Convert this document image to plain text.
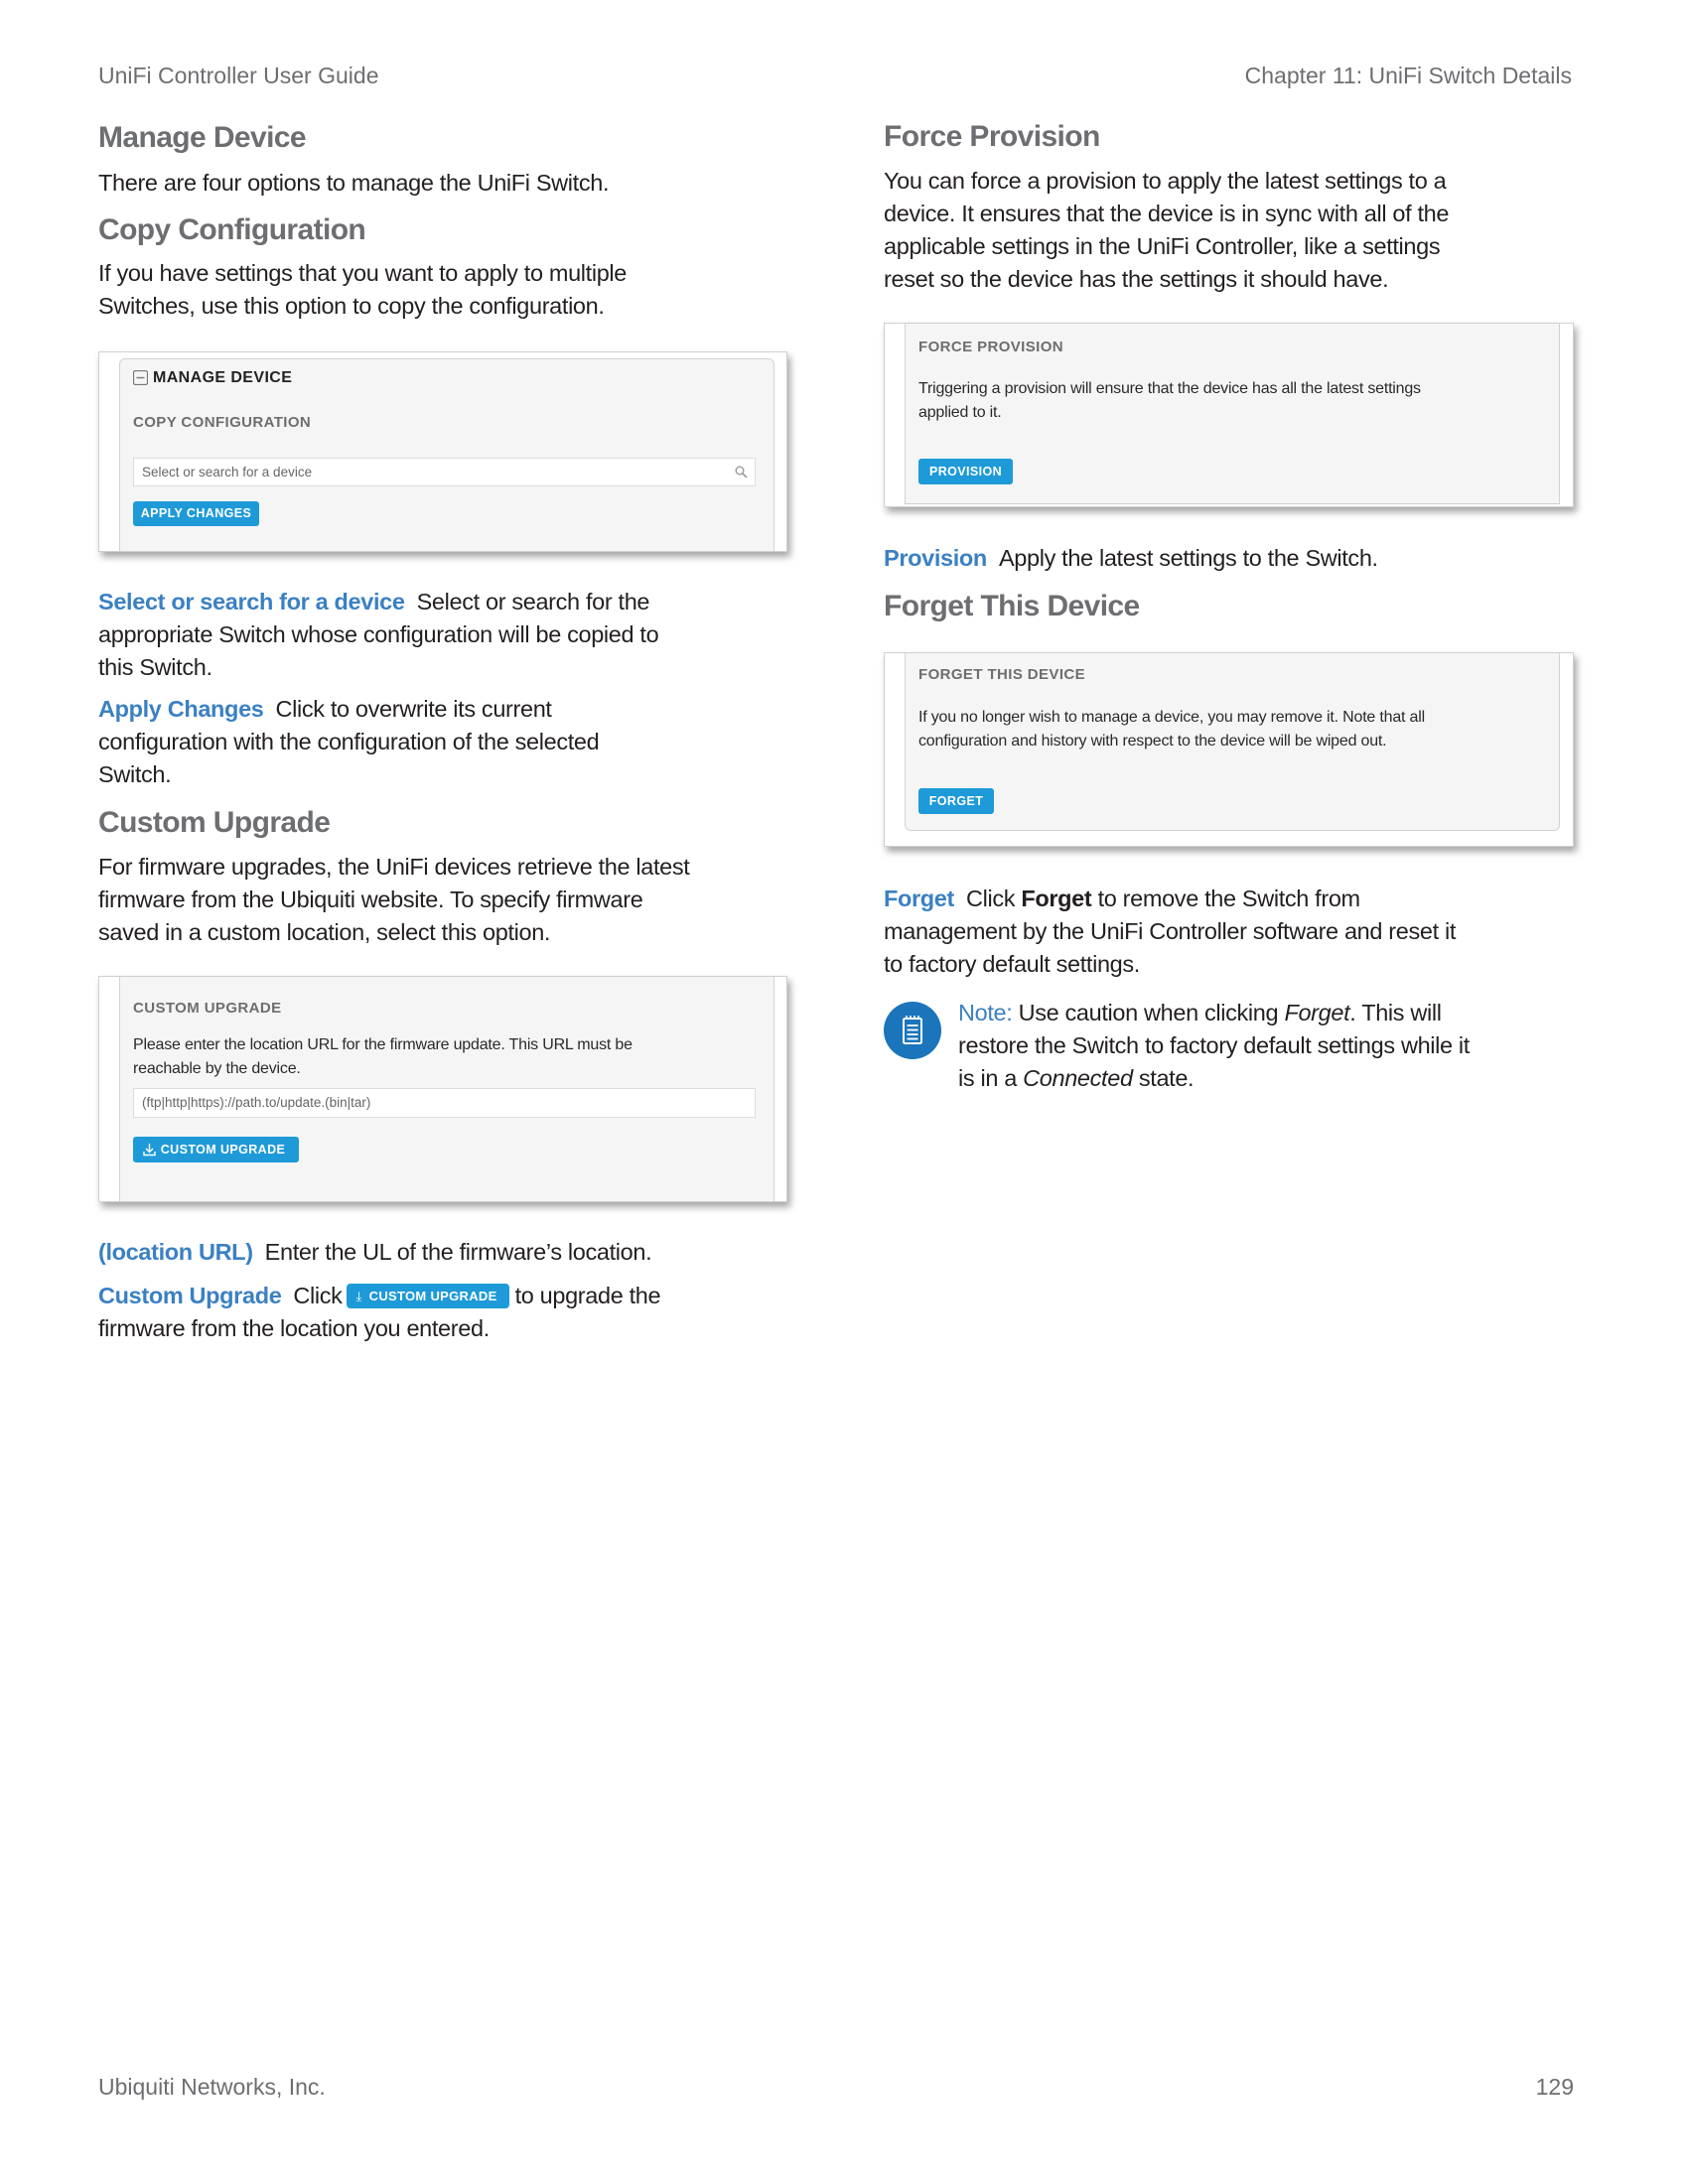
UniFi Controller User Guide	Chapter 11: UniFi Switch Details
Manage Device
There are four options to manage the UniFi Switch.
Copy Configuration
If you have settings that you want to apply to multiple
Switches, use this option to copy the configuration.
MANAGE DEVICE
COPY CONFIGURATION
Select or search for a device
APPLY CHANGES
Select or search for a device Select or search for the
appropriate Switch whose configuration will be copied to
this Switch.
Apply Changes Click to overwrite its current
configuration with the configuration of the selected
Switch.
Custom Upgrade
For firmware upgrades, the UniFi devices retrieve the latest
firmware from the Ubiquiti website. To specify firmware
saved in a custom location, select this option.
CUSTOM UPGRADE
Please enter the location URL for the firmware update. This URL must be
reachable by the device.
(ftp|http|https)://path.to/update.(bin|tar)
CUSTOM UPGRADE
(location URL) Enter the UL of the firmware’s location.
Custom Upgrade Click ⤓ CUSTOM UPGRADE to upgrade the
firmware from the location you entered.
Force Provision
You can force a provision to apply the latest settings to a
device. It ensures that the device is in sync with all of the
applicable settings in the UniFi Controller, like a settings
reset so the device has the settings it should have.
FORCE PROVISION
Triggering a provision will ensure that the device has all the latest settings
applied to it.
PROVISION
Provision Apply the latest settings to the Switch.
Forget This Device
FORGET THIS DEVICE
If you no longer wish to manage a device, you may remove it. Note that all
configuration and history with respect to the device will be wiped out.
FORGET
Forget Click Forget to remove the Switch from
management by the UniFi Controller software and reset it
to factory default settings.
Note: Use caution when clicking Forget. This will
restore the Switch to factory default settings while it
is in a Connected state.
Ubiquiti Networks, Inc.	129
